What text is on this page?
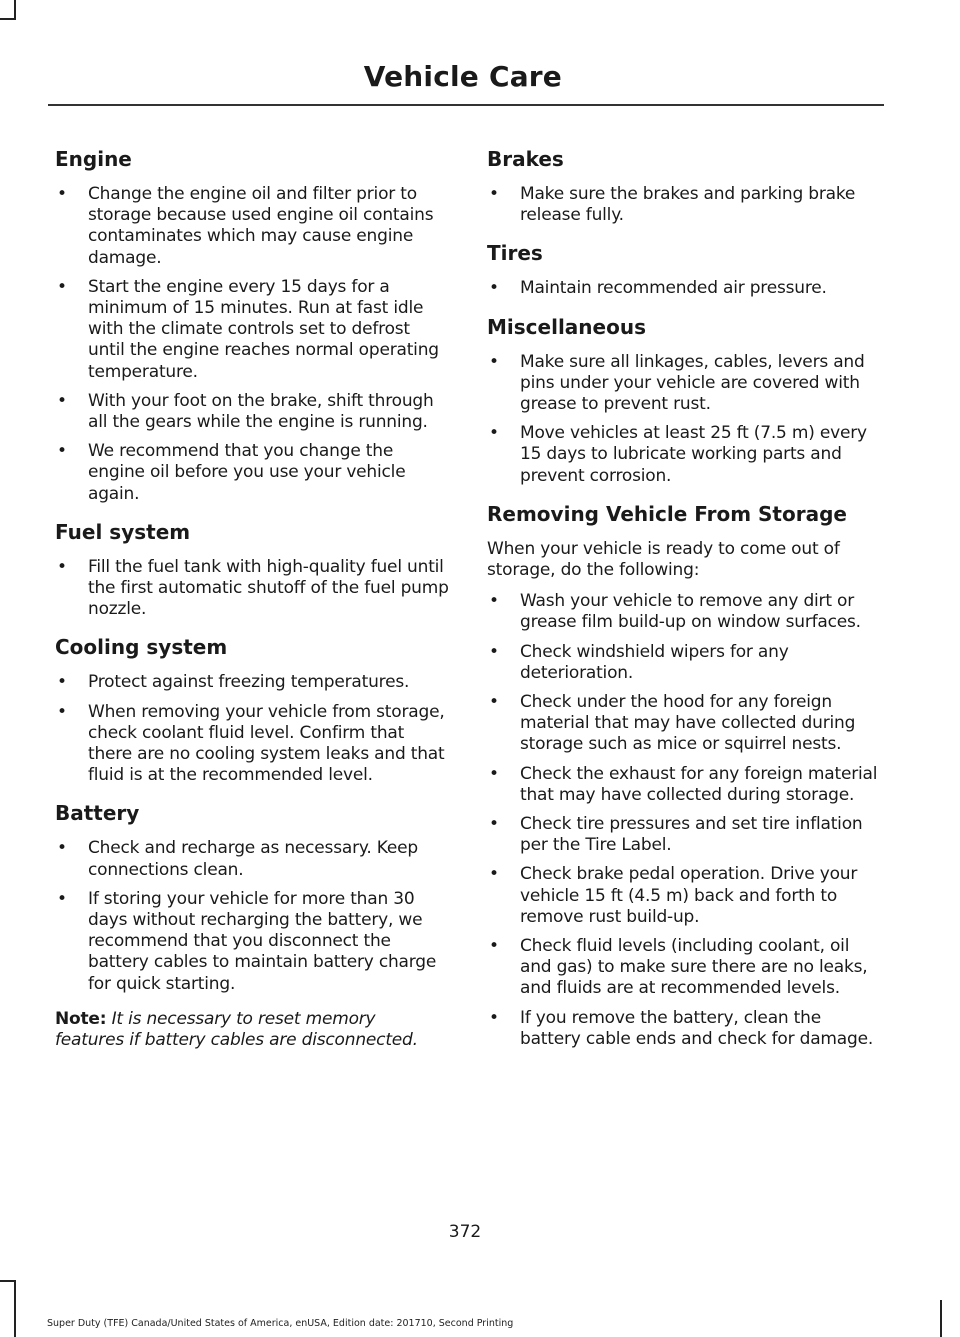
Vehicle Care
Engine
• Change the engine oil and filter prior to storage because used engine oil contains contaminates which may cause engine damage.
• Start the engine every 15 days for a minimum of 15 minutes. Run at fast idle with the climate controls set to defrost until the engine reaches normal operating temperature.
• With your foot on the brake, shift through all the gears while the engine is running.
• We recommend that you change the engine oil before you use your vehicle again.
Fuel system
• Fill the fuel tank with high-quality fuel until the first automatic shutoff of the fuel pump nozzle.
Cooling system
• Protect against freezing temperatures.
• When removing your vehicle from storage, check coolant fluid level. Confirm that there are no cooling system leaks and that fluid is at the recommended level.
Battery
• Check and recharge as necessary. Keep connections clean.
• If storing your vehicle for more than 30 days without recharging the battery, we recommend that you disconnect the battery cables to maintain battery charge for quick starting.

Note: It is necessary to reset memory features if battery cables are disconnected.

Brakes
• Make sure the brakes and parking brake release fully.
Tires
• Maintain recommended air pressure.
Miscellaneous
• Make sure all linkages, cables, levers and pins under your vehicle are covered with grease to prevent rust.
• Move vehicles at least 25 ft (7.5 m) every 15 days to lubricate working parts and prevent corrosion.
Removing Vehicle From Storage

When your vehicle is ready to come out of storage, do the following:

• Wash your vehicle to remove any dirt or grease film build-up on window surfaces.
• Check windshield wipers for any deterioration.
• Check under the hood for any foreign material that may have collected during storage such as mice or squirrel nests.
• Check the exhaust for any foreign material that may have collected during storage.
• Check tire pressures and set tire inflation per the Tire Label.
• Check brake pedal operation. Drive your vehicle 15 ft (4.5 m) back and forth to remove rust build-up.
• Check fluid levels (including coolant, oil and gas) to make sure there are no leaks, and fluids are at recommended levels.
• If you remove the battery, clean the battery cable ends and check for damage.
372
Super Duty (TFE) Canada/United States of America, enUSA, Edition date: 201710, Second Printing
